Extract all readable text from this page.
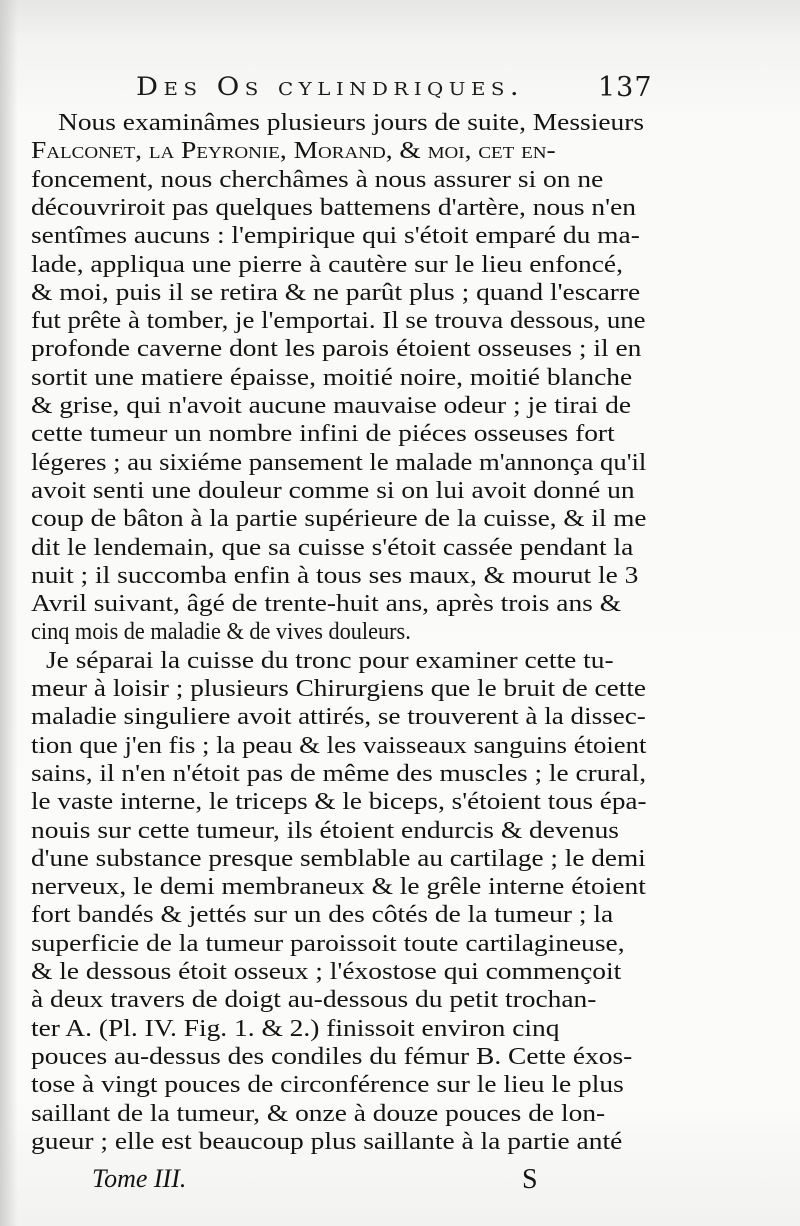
Des Os cylindriques.	137
Nous examinâmes plusieurs jours de suite, Messieurs
Falconet, la Peyronie, Morand, & moi, cet en-
foncement, nous cherchâmes à nous assurer si on ne
découvriroit pas quelques battemens d'artère, nous n'en
sentîmes aucuns : l'empirique qui s'étoit emparé du ma-
lade, appliqua une pierre à cautère sur le lieu enfoncé,
& moi, puis il se retira & ne parût plus ; quand l'escarre
fut prête à tomber, je l'emportai. Il se trouva dessous, une
profonde caverne dont les parois étoient osseuses ; il en
sortit une matiere épaisse, moitié noire, moitié blanche
& grise, qui n'avoit aucune mauvaise odeur ; je tirai de
cette tumeur un nombre infini de piéces osseuses fort
légeres ; au sixiéme pansement le malade m'annonça qu'il
avoit senti une douleur comme si on lui avoit donné un
coup de bâton à la partie supérieure de la cuisse, & il me
dit le lendemain, que sa cuisse s'étoit cassée pendant la
nuit ; il succomba enfin à tous ses maux, & mourut le 3
Avril suivant, âgé de trente-huit ans, après trois ans &
cinq mois de maladie & de vives douleurs.
Je séparai la cuisse du tronc pour examiner cette tu-
meur à loisir ; plusieurs Chirurgiens que le bruit de cette
maladie singuliere avoit attirés, se trouverent à la dissec-
tion que j'en fis ; la peau & les vaisseaux sanguins étoient
sains, il n'en n'étoit pas de même des muscles ; le crural,
le vaste interne, le triceps & le biceps, s'étoient tous épa-
nouis sur cette tumeur, ils étoient endurcis & devenus
d'une substance presque semblable au cartilage ; le demi
nerveux, le demi membraneux & le grêle interne étoient
fort bandés & jettés sur un des côtés de la tumeur ; la
superficie de la tumeur paroissoit toute cartilagineuse,
& le dessous étoit osseux ; l'éxostose qui commençoit
à deux travers de doigt au-dessous du petit trochan-
ter A. (Pl. IV. Fig. 1. & 2.) finissoit environ cinq
pouces au-dessus des condiles du fémur B. Cette éxos-
tose à vingt pouces de circonférence sur le lieu le plus
saillant de la tumeur, & onze à douze pouces de lon-
gueur ; elle est beaucoup plus saillante à la partie anté
Tome III.	S
